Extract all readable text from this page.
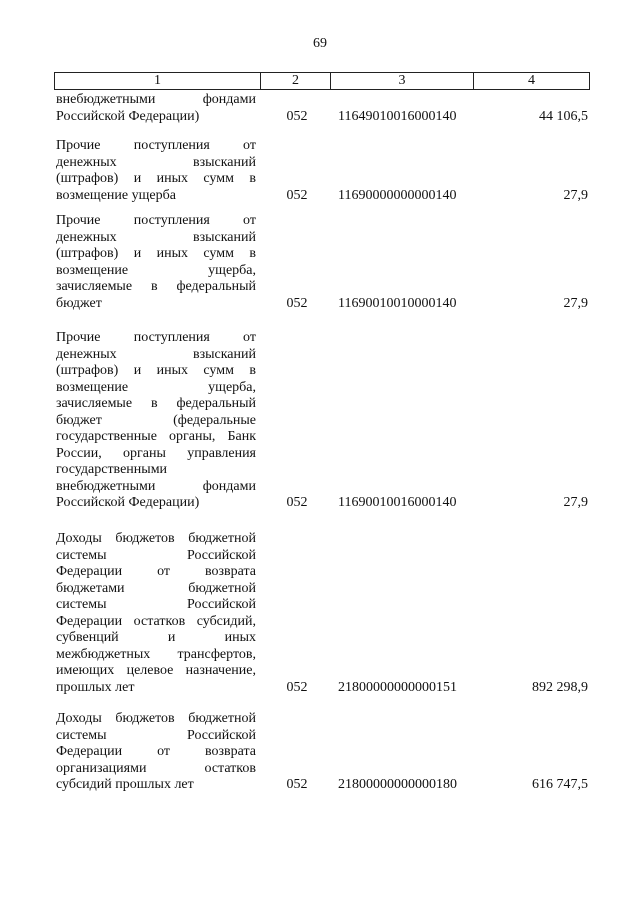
69
1	2	3	4
внебюджетными фондами
Российской Федерации)	052	11649010016000140	44 106,5
Прочие поступления от
денежных взысканий
(штрафов) и иных сумм в
возмещение ущерба	052	11690000000000140	27,9
Прочие поступления от
денежных взысканий
(штрафов) и иных сумм в
возмещение ущерба,
зачисляемые в федеральный
бюджет	052	11690010010000140	27,9
Прочие поступления от
денежных взысканий
(штрафов) и иных сумм в
возмещение ущерба,
зачисляемые в федеральный
бюджет (федеральные
государственные органы, Банк
России, органы управления
государственными
внебюджетными фондами
Российской Федерации)	052	11690010016000140	27,9
Доходы бюджетов бюджетной
системы Российской
Федерации от возврата
бюджетами бюджетной
системы Российской
Федерации остатков субсидий,
субвенций и иных
межбюджетных трансфертов,
имеющих целевое назначение,
прошлых лет	052	21800000000000151	892 298,9
Доходы бюджетов бюджетной
системы Российской
Федерации от возврата
организациями остатков
субсидий прошлых лет	052	21800000000000180	616 747,5
